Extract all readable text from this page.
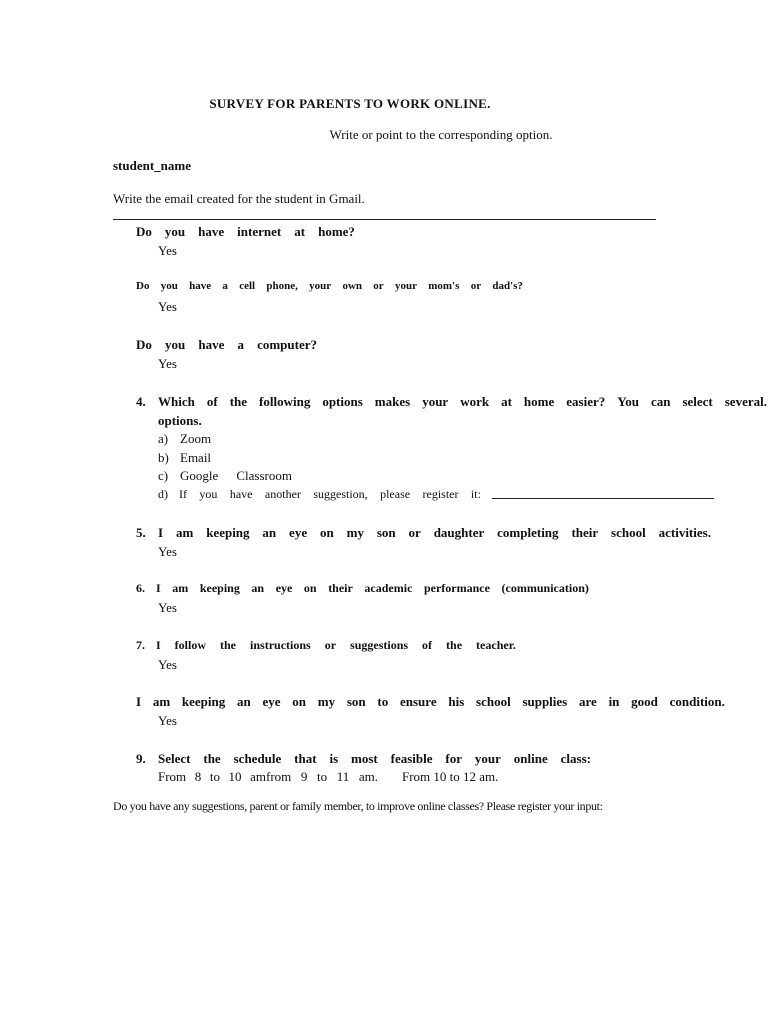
SURVEY FOR PARENTS TO WORK ONLINE.
Write or point to the corresponding option.
student_name
Write the email created for the student in Gmail.
Do you have internet at home?
Yes
Do you have a cell phone, your own or your mom's or dad's?
Yes
Do you have a computer?
Yes
4. Which of the following options makes your work at home easier? You can select several.
options.
a) Zoom
b) Email
c) Google Classroom
d) If you have another suggestion, please register it:
5. I am keeping an eye on my son or daughter completing their school activities.
Yes
6. I am keeping an eye on their academic performance (communication)
Yes
7. I follow the instructions or suggestions of the teacher.
Yes
I am keeping an eye on my son to ensure his school supplies are in good condition.
Yes
9. Select the schedule that is most feasible for your online class:
From 8 to 10 am from 9 to 11 am. From 10 to 12 am.
Do you have any suggestions, parent or family member, to improve online classes? Please register your input:
